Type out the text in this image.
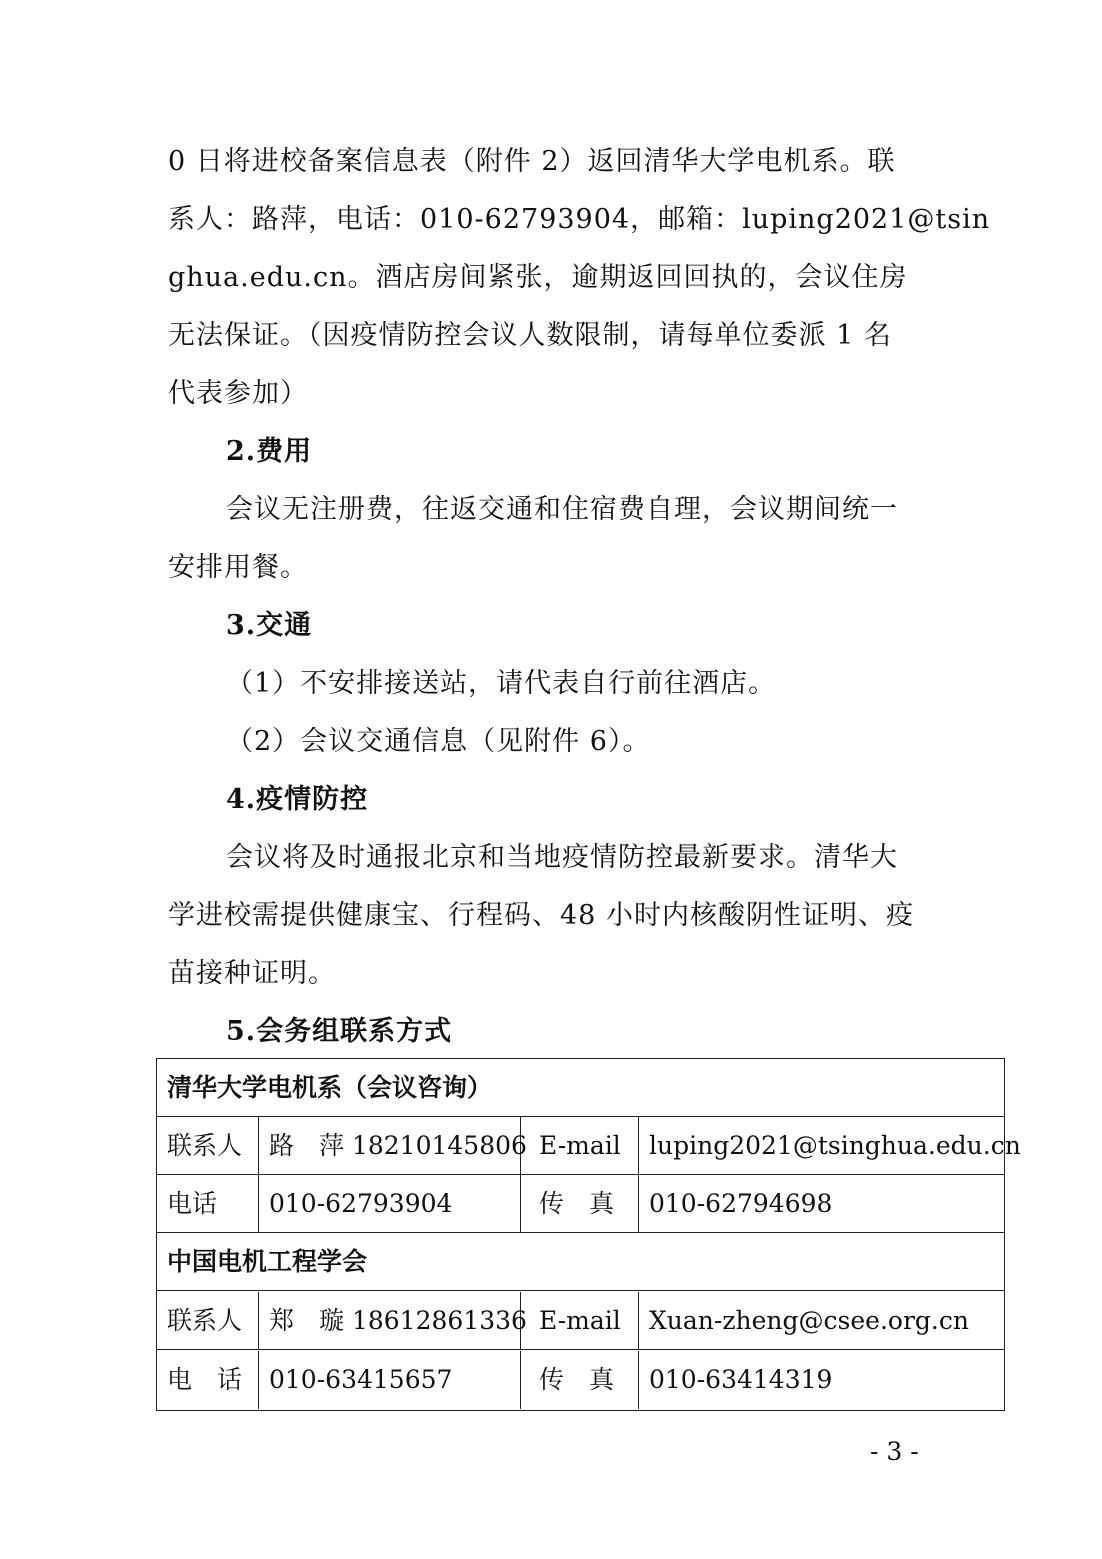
0 日将进校备案信息表（附件 2）返回清华大学电机系。联
系人：路萍，电话：010-62793904，邮箱：luping2021@tsin
ghua.edu.cn。酒店房间紧张，逾期返回回执的，会议住房
无法保证。（因疫情防控会议人数限制，请每单位委派 1 名
代表参加）
2.费用
会议无注册费，往返交通和住宿费自理，会议期间统一
安排用餐。
3.交通
（1）不安排接送站，请代表自行前往酒店。
（2）会议交通信息（见附件 6）。
4.疫情防控
会议将及时通报北京和当地疫情防控最新要求。清华大
学进校需提供健康宝、行程码、48 小时内核酸阴性证明、疫
苗接种证明。
5.会务组联系方式
清华大学电机系（会议咨询）
联系人	路　萍 18210145806 E-mail	luping2021@tsinghua.edu.cn
电话	010-62793904	传　真	010-62794698
中国电机工程学会
联系人	郑　璇 18612861336 E-mail	Xuan-zheng@csee.org.cn
电　话	010-63415657	传　真	010-63414319
- 3 -
